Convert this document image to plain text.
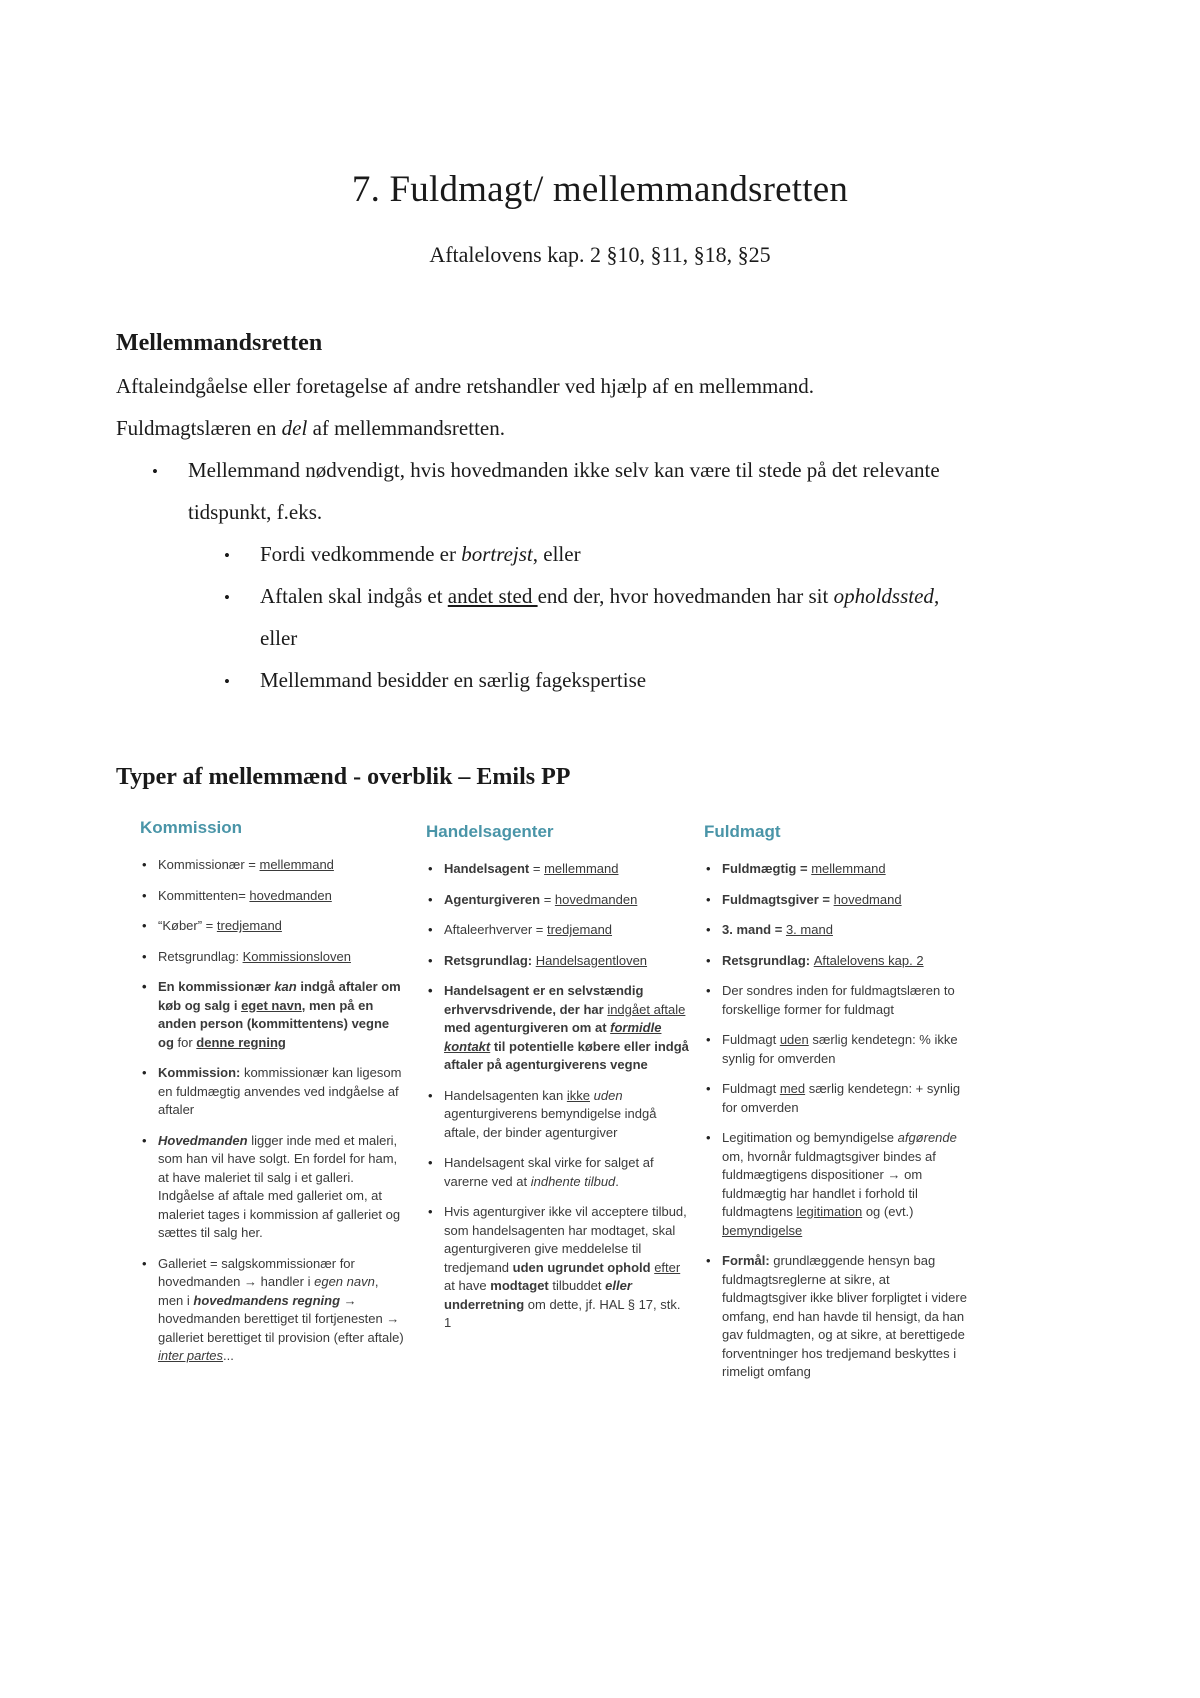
7. Fuldmagt/ mellemmandsretten
Aftalelovens kap. 2 §10, §11, §18, §25
Mellemmandsretten
Aftaleindgåelse eller foretagelse af andre retshandler ved hjælp af en mellemmand.
Fuldmagtslæren en del af mellemmandsretten.
• Mellemmand nødvendigt, hvis hovedmanden ikke selv kan være til stede på det relevante
tidspunkt, f.eks.
• Fordi vedkommende er bortrejst, eller
• Aftalen skal indgås et andet sted end der, hvor hovedmanden har sit opholdssted,
eller
• Mellemmand besidder en særlig fagekspertise
Typer af mellemmænd - overblik – Emils PP
Kommission
• Kommissionær = mellemmand
• Kommittenten= hovedmanden
• “Køber” = tredjemand
• Retsgrundlag: Kommissionsloven
• En kommissionær kan indgå aftaler om køb og salg i eget navn, men på en anden person (kommittentens) vegne og for denne regning
• Kommission: kommissionær kan ligesom en fuldmægtig anvendes ved indgåelse af aftaler
• Hovedmanden ligger inde med et maleri, som han vil have solgt. En fordel for ham, at have maleriet til salg i et galleri. Indgåelse af aftale med galleriet om, at maleriet tages i kommission af galleriet og sættes til salg her.
• Galleriet = salgskommissionær for hovedmanden → handler i egen navn, men i hovedmandens regning → hovedmanden berettiget til fortjenesten → galleriet berettiget til provision (efter aftale) inter partes...
Handelsagenter
• Handelsagent = mellemmand
• Agenturgiveren = hovedmanden
• Aftaleerhverver = tredjemand
• Retsgrundlag: Handelsagentloven
• Handelsagent er en selvstændig erhvervsdrivende, der har indgået aftale med agenturgiveren om at formidle kontakt til potentielle købere eller indgå aftaler på agenturgiverens vegne
• Handelsagenten kan ikke uden agenturgiverens bemyndigelse indgå aftale, der binder agenturgiver
• Handelsagent skal virke for salget af varerne ved at indhente tilbud.
• Hvis agenturgiver ikke vil acceptere tilbud, som handelsagenten har modtaget, skal agenturgiveren give meddelelse til tredjemand uden ugrundet ophold efter at have modtaget tilbuddet eller underretning om dette, jf. HAL § 17, stk. 1
Fuldmagt
• Fuldmægtig = mellemmand
• Fuldmagtsgiver = hovedmand
• 3. mand = 3. mand
• Retsgrundlag: Aftalelovens kap. 2
• Der sondres inden for fuldmagtslæren to forskellige former for fuldmagt
• Fuldmagt uden særlig kendetegn: % ikke synlig for omverden
• Fuldmagt med særlig kendetegn: + synlig for omverden
• Legitimation og bemyndigelse afgørende om, hvornår fuldmagtsgiver bindes af fuldmægtigens dispositioner → om fuldmægtig har handlet i forhold til fuldmagtens legitimation og (evt.) bemyndigelse
• Formål: grundlæggende hensyn bag fuldmagtsreglerne at sikre, at fuldmagtsgiver ikke bliver forpligtet i videre omfang, end han havde til hensigt, da han gav fuldmagten, og at sikre, at berettigede forventninger hos tredjemand beskyttes i rimeligt omfang
